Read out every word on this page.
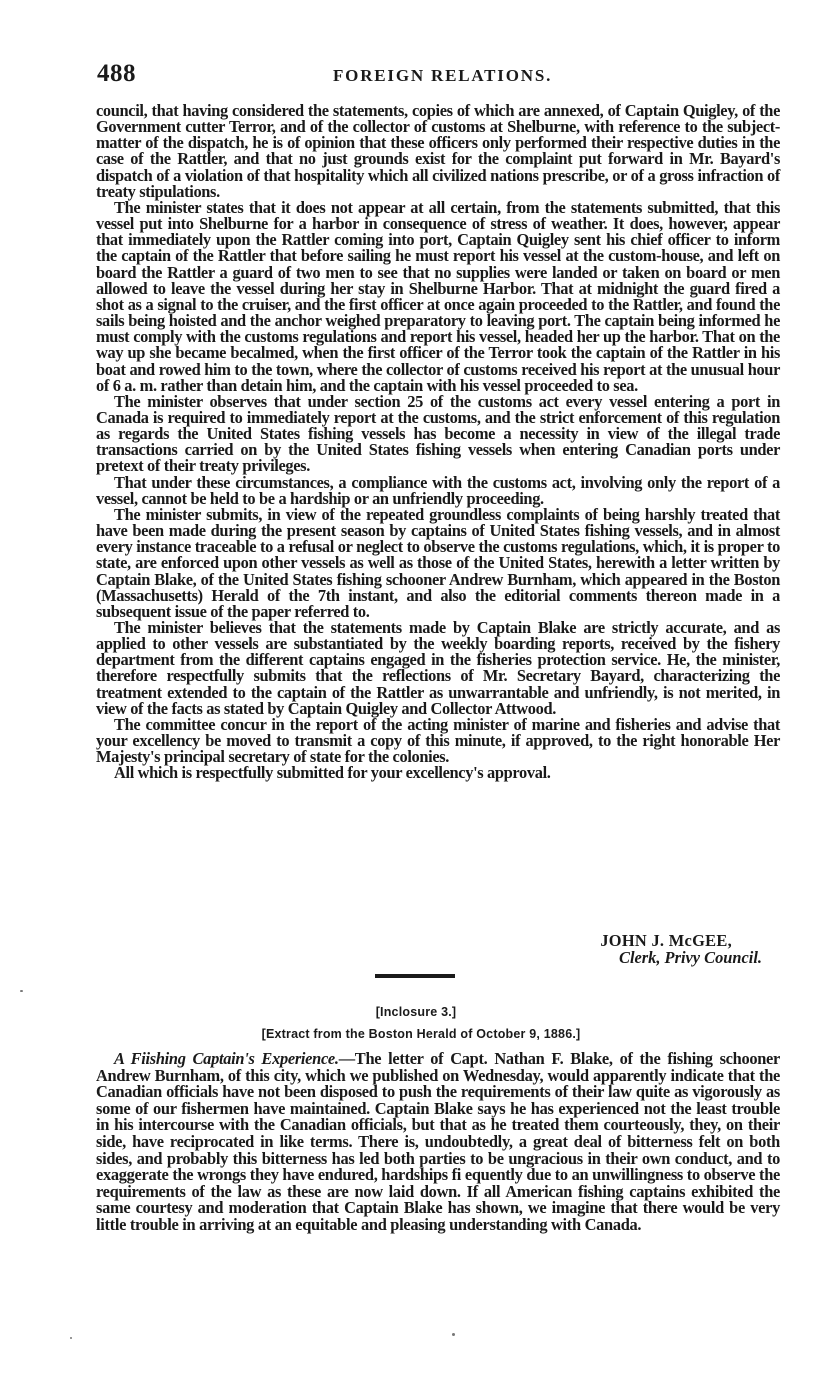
488	FOREIGN RELATIONS.

council, that having considered the statements, copies of which are annexed, of Captain Quigley, of the Government cutter Terror, and of the collector of customs at Shelburne, with reference to the subject-matter of the dispatch, he is of opinion that these officers only performed their respective duties in the case of the Rattler, and that no just grounds exist for the complaint put forward in Mr. Bayard's dispatch of a violation of that hospitality which all civilized nations prescribe, or of a gross infraction of treaty stipulations.

The minister states that it does not appear at all certain, from the statements submitted, that this vessel put into Shelburne for a harbor in consequence of stress of weather. It does, however, appear that immediately upon the Rattler coming into port, Captain Quigley sent his chief officer to inform the captain of the Rattler that before sailing he must report his vessel at the custom-house, and left on board the Rattler a guard of two men to see that no supplies were landed or taken on board or men allowed to leave the vessel during her stay in Shelburne Harbor. That at midnight the guard fired a shot as a signal to the cruiser, and the first officer at once again proceeded to the Rattler, and found the sails being hoisted and the anchor weighed preparatory to leaving port. The captain being informed he must comply with the customs regulations and report his vessel, headed her up the harbor. That on the way up she became becalmed, when the first officer of the Terror took the captain of the Rattler in his boat and rowed him to the town, where the collector of customs received his report at the unusual hour of 6 a. m. rather than detain him, and the captain with his vessel proceeded to sea.

The minister observes that under section 25 of the customs act every vessel entering a port in Canada is required to immediately report at the customs, and the strict enforcement of this regulation as regards the United States fishing vessels has become a necessity in view of the illegal trade transactions carried on by the United States fishing vessels when entering Canadian ports under pretext of their treaty privileges.

That under these circumstances, a compliance with the customs act, involving only the report of a vessel, cannot be held to be a hardship or an unfriendly proceeding.

The minister submits, in view of the repeated groundless complaints of being harshly treated that have been made during the present season by captains of United States fishing vessels, and in almost every instance traceable to a refusal or neglect to observe the customs regulations, which, it is proper to state, are enforced upon other vessels as well as those of the United States, herewith a letter written by Captain Blake, of the United States fishing schooner Andrew Burnham, which appeared in the Boston (Massachusetts) Herald of the 7th instant, and also the editorial comments thereon made in a subsequent issue of the paper referred to.

The minister believes that the statements made by Captain Blake are strictly accurate, and as applied to other vessels are substantiated by the weekly boarding reports, received by the fishery department from the different captains engaged in the fisheries protection service. He, the minister, therefore respectfully submits that the reflections of Mr. Secretary Bayard, characterizing the treatment extended to the captain of the Rattler as unwarrantable and unfriendly, is not merited, in view of the facts as stated by Captain Quigley and Collector Attwood.

The committee concur in the report of the acting minister of marine and fisheries and advise that your excellency be moved to transmit a copy of this minute, if approved, to the right honorable Her Majesty's principal secretary of state for the colonies.

All which is respectfully submitted for your excellency's approval.

JOHN J. McGEE,
Clerk, Privy Council.
[Inclosure 3.]
[Extract from the Boston Herald of October 9, 1886.]

A Fiishing Captain's Experience.—The letter of Capt. Nathan F. Blake, of the fishing schooner Andrew Burnham, of this city, which we published on Wednesday, would apparently indicate that the Canadian officials have not been disposed to push the requirements of their law quite as vigorously as some of our fishermen have maintained. Captain Blake says he has experienced not the least trouble in his intercourse with the Canadian officials, but that as he treated them courteously, they, on their side, have reciprocated in like terms. There is, undoubtedly, a great deal of bitterness felt on both sides, and probably this bitterness has led both parties to be ungracious in their own conduct, and to exaggerate the wrongs they have endured, hardships fi equently due to an unwillingness to observe the requirements of the law as these are now laid down. If all American fishing captains exhibited the same courtesy and moderation that Captain Blake has shown, we imagine that there would be very little trouble in arriving at an equitable and pleasing understanding with Canada.
